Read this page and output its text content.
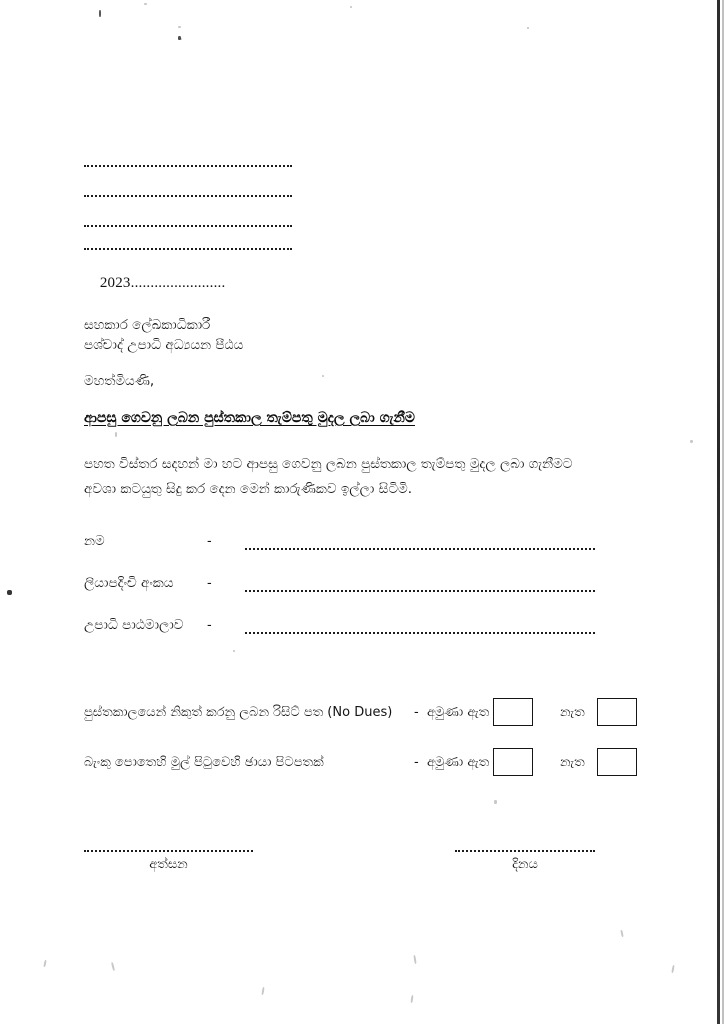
2023........................

සහකාර ලේඛකාධිකාරී
පශ්චාද් උපාධි අධ්‍යයන පීඨය
මහත්මියණි,
ආපසු ගෙවනු ලබන පුස්තකාල තැම්පතු මුදල ලබා ගැනීම
පහත විස්තර සදහන් මා හට ආපසු ගෙවනු ලබන පුස්තකාල තැම්පතු මුදල ලබා ගැනීමට අවශා කටයුතු සිදු කර දෙන මෙන් කාරුණිකව ඉල්ලා සිටිමි.
නම	-
ලියාපදිංචි අංකය -
උපාධි පාඨමාලාව -
පුස්තකාලයෙන් නිකුත් කරනු ලබන රිසිට් පත (No Dues) -  අමුණා ඇත	නැත
බැංකු පොතෙහි මුල් පිටුවෙහි ඡායා පිටපතක්	-  අමුණා ඇත	නැත
අත්සන	දිනය
